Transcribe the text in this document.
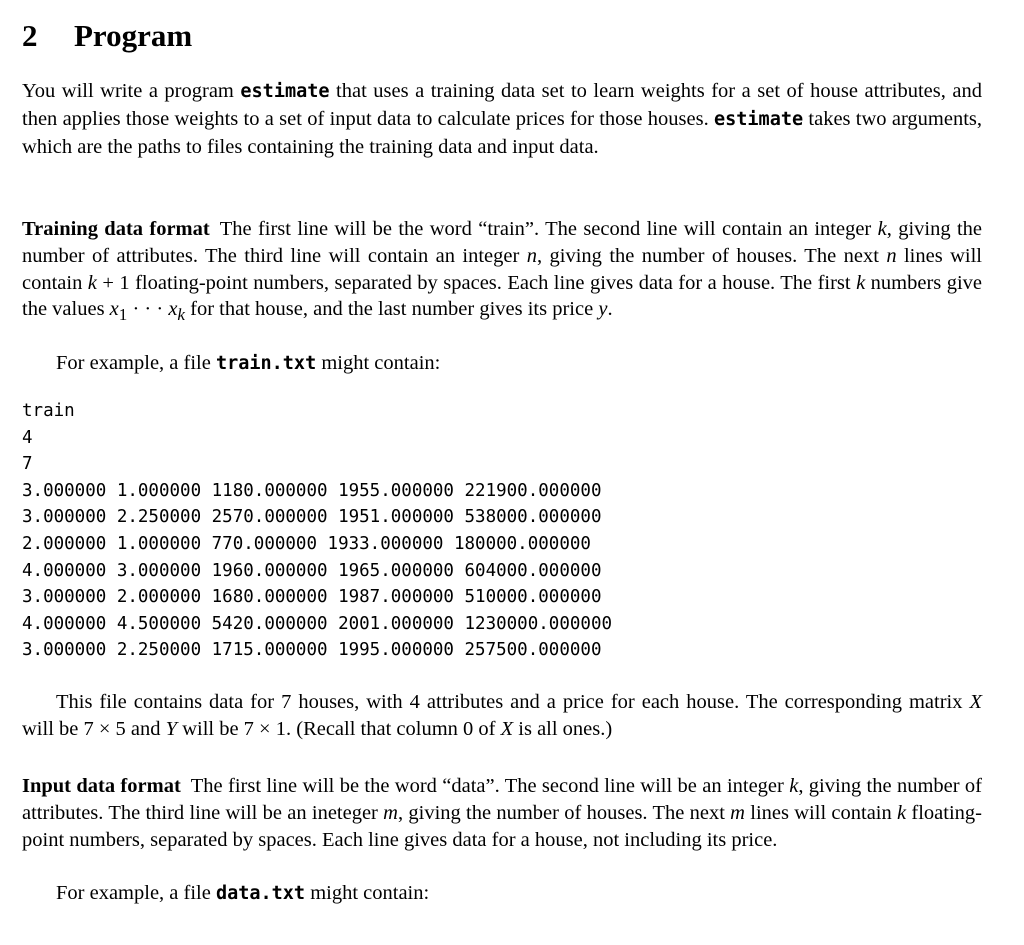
2 Program
You will write a program estimate that uses a training data set to learn weights for a set of house attributes, and then applies those weights to a set of input data to calculate prices for those houses. estimate takes two arguments, which are the paths to files containing the training data and input data.
Training data format The first line will be the word “train”. The second line will contain an integer k, giving the number of attributes. The third line will contain an integer n, giving the number of houses. The next n lines will contain k + 1 floating-point numbers, separated by spaces. Each line gives data for a house. The first k numbers give the values $x_1$ · · · $x_k$ for that house, and the last number gives its price y.
For example, a file train.txt might contain:
train
4
7
3.000000 1.000000 1180.000000 1955.000000 221900.000000
3.000000 2.250000 2570.000000 1951.000000 538000.000000
2.000000 1.000000 770.000000 1933.000000 180000.000000
4.000000 3.000000 1960.000000 1965.000000 604000.000000
3.000000 2.000000 1680.000000 1987.000000 510000.000000
4.000000 4.500000 5420.000000 2001.000000 1230000.000000
3.000000 2.250000 1715.000000 1995.000000 257500.000000
This file contains data for 7 houses, with 4 attributes and a price for each house. The corresponding matrix X will be 7 × 5 and Y will be 7 × 1. (Recall that column 0 of X is all ones.)
Input data format The first line will be the word “data”. The second line will be an integer k, giving the number of attributes. The third line will be an ineteger m, giving the number of houses. The next m lines will contain k floating-point numbers, separated by spaces. Each line gives data for a house, not including its price.
For example, a file data.txt might contain:
